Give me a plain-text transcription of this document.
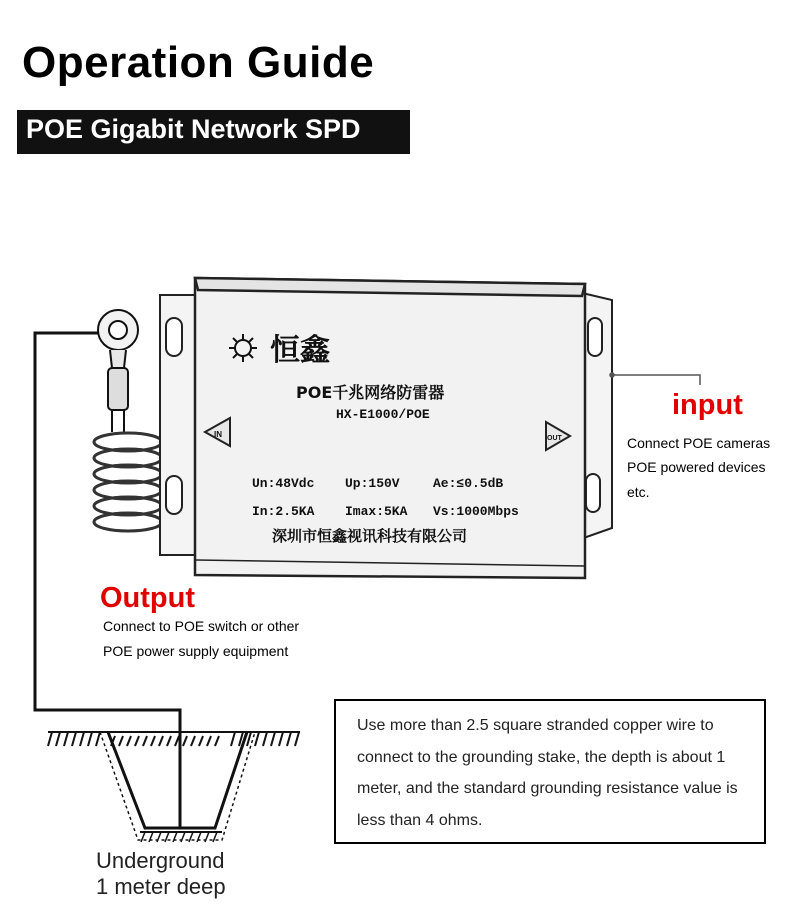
Operation Guide
POE Gigabit Network SPD
恒鑫
POE千兆网络防雷器
HX-E1000/POE
IN	OUT
Un:48Vdc Up:150V	Ae:≤0.5dB
In:2.5KA Imax:5KA Vs:1000Mbps
深圳市恒鑫视讯科技有限公司
input
Connect POE cameras
POE powered devices
etc.
Output
Connect to POE switch or other
POE power supply equipment
Use more than 2.5 square stranded copper wire to connect to the grounding stake, the depth is about 1 meter, and the standard grounding resistance value is less than 4 ohms.
Underground
1 meter deep
